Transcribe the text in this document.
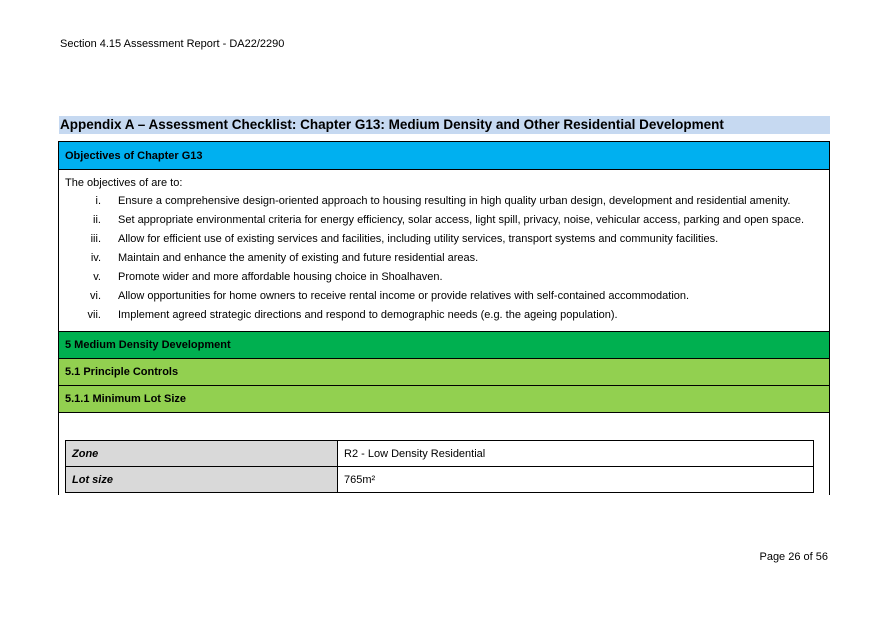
Section 4.15 Assessment Report - DA22/2290
Appendix A – Assessment Checklist: Chapter G13: Medium Density and Other Residential Development
Objectives of Chapter G13
The objectives of are to:
i.	Ensure a comprehensive design-oriented approach to housing resulting in high quality urban design, development and residential amenity.
ii.	Set appropriate environmental criteria for energy efficiency, solar access, light spill, privacy, noise, vehicular access, parking and open space.
iii.	Allow for efficient use of existing services and facilities, including utility services, transport systems and community facilities.
iv.	Maintain and enhance the amenity of existing and future residential areas.
v.	Promote wider and more affordable housing choice in Shoalhaven.
vi.	Allow opportunities for home owners to receive rental income or provide relatives with self-contained accommodation.
vii.	Implement agreed strategic directions and respond to demographic needs (e.g. the ageing population).
5 Medium Density Development
5.1 Principle Controls
5.1.1 Minimum Lot Size
Zone	R2 - Low Density Residential
Lot size	765m²
Page 26 of 56
